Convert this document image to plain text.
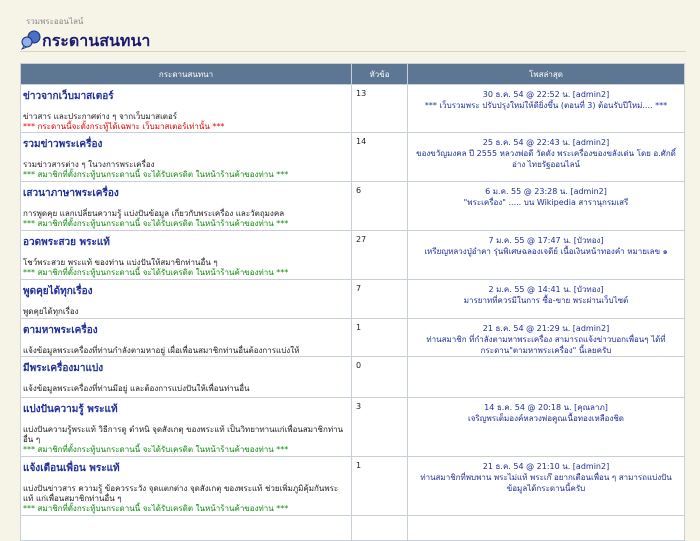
รวมพระออนไลน์
กระดานสนทนา
กระดานสนทนา	หัวข้อ	โพสล่าสุด

ข่าวจากเว็บมาสเตอร์
ข่าวสาร และประกาศต่าง ๆ จากเว็บมาสเตอร์
*** กระดานนี้จะตั้งกระทู้ได้เฉพาะ เว็บมาสเตอร์เท่านั้น ***	13	30 ธ.ค. 54 @ 22:52 น. [admin2]
*** เว็บรวมพระ ปรับปรุงใหม่ให้ดียิ่งขึ้น (ตอนที่ 3) ต้อนรับปีใหม่.... ***

รวมข่าวพระเครื่อง
รวมข่าวสารต่าง ๆ ในวงการพระเครื่อง
*** สมาชิกที่ตั้งกระทู้บนกระดานนี้ จะได้รับเครดิต ในหน้าร้านค้าของท่าน ***	14	25 ธ.ค. 54 @ 22:43 น. [admin2]
ของขวัญมงคล ปี 2555 หลวงพ่อดี วัดดัง พระเครื่องของขลังเด่น โดย อ.ศักดิ์ อ่าง ไทยรัฐออนไลน์

เสวนาภาษาพระเครื่อง
การพูดคุย แลกเปลี่ยนความรู้ แบ่งปันข้อมูล เกี่ยวกับพระเครื่อง และวัตถุมงคล
*** สมาชิกที่ตั้งกระทู้บนกระดานนี้ จะได้รับเครดิต ในหน้าร้านค้าของท่าน ***	6	6 ม.ค. 55 @ 23:28 น. [admin2]
"พระเครื่อง" ..... บน Wikipedia สารานุกรมเสรี

อวดพระสวย พระแท้
โชว์พระสวย พระแท้ ของท่าน แบ่งปันให้สมาชิกท่านอื่น ๆ
*** สมาชิกที่ตั้งกระทู้บนกระดานนี้ จะได้รับเครดิต ในหน้าร้านค้าของท่าน ***	27	7 ม.ค. 55 @ 17:47 น. [บัวทอง]
เหรียญหลวงปู่อำคา รุ่นพิเศษฉลองเจดีย์ เนื้อเงินหน้าทองคำ หมายเลข ๑

พูดคุยได้ทุกเรื่อง
พูดคุยได้ทุกเรื่อง	7	2 ม.ค. 55 @ 14:41 น. [บัวทอง]
มารยาทที่ควรมีในการ ซื้อ-ขาย พระผ่านเว็บไซต์

ตามหาพระเครื่อง
แจ้งข้อมูลพระเครื่องที่ท่านกำลังตามหาอยู่ เผื่อเพื่อนสมาชิกท่านอื่นต้องการแบ่งให้	1	21 ธ.ค. 54 @ 21:29 น. [admin2]
ท่านสมาชิก ที่กำลังตามหาพระเครื่อง สามารถแจ้งข่าวบอกเพื่อนๆ ได้ที่ กระดาน"ตามหาพระเครื่อง" นี้เลยครับ

มีพระเครื่องมาแบ่ง
แจ้งข้อมูลพระเครื่องที่ท่านมีอยู่ และต้องการแบ่งปันให้เพื่อนท่านอื่น	0	

แบ่งปันความรู้ พระแท้
แบ่งปันความรู้พระแท้ วิธีการดู ตำหนิ จุดสังเกตุ ของพระแท้ เป็นวิทยาทานแก่เพื่อนสมาชิกท่านอื่น ๆ
*** สมาชิกที่ตั้งกระทู้บนกระดานนี้ จะได้รับเครดิต ในหน้าร้านค้าของท่าน ***	3	14 ธ.ค. 54 @ 20:18 น. [คุณลาภ]
เจริญพรเต็มองค์หลวงพ่อคูณเนื้อทองเหลืองชิด

แจ้งเตือนเพื่อน พระแท้
แบ่งปันข่าวสาร ความรู้ ข้อควรระวัง จุดแตกต่าง จุดสังเกตุ ของพระแท้ ช่วยเพิ่มภูมิคุ้มกันพระแท้ แก่เพื่อนสมาชิกท่านอื่น ๆ
*** สมาชิกที่ตั้งกระทู้บนกระดานนี้ จะได้รับเครดิต ในหน้าร้านค้าของท่าน ***	1	21 ธ.ค. 54 @ 21:10 น. [admin2]
ท่านสมาชิกที่พบพาน พระไม่แท้ พระเก๊ อยากเตือนเพื่อน ๆ สามารถแบ่งปันข้อมูลได้กระดานนี้ครับ
